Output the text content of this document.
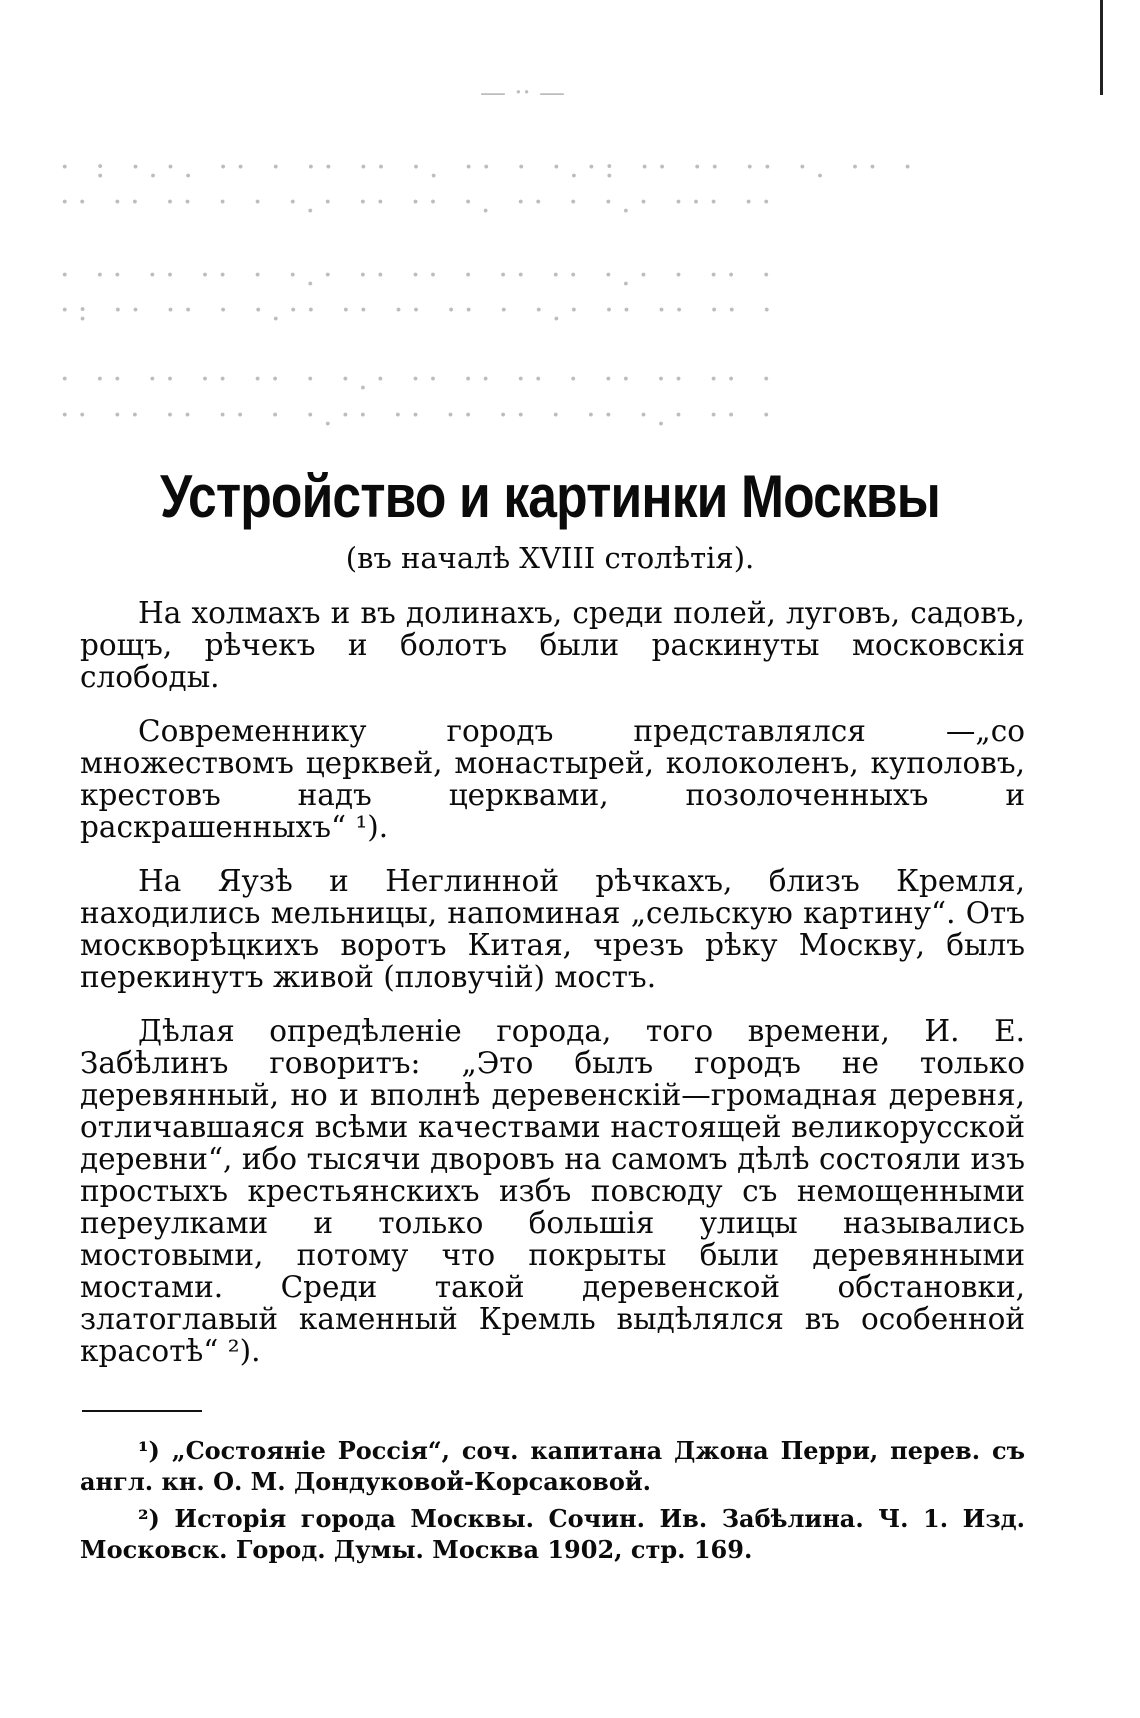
— ·· —
· : ·.·. ·· · ·· ·· ·. ·· · ·.·: ·· ·· ·· ·. ·· ·
·· ·· ·· · · ·.· ·· ·· ·. ·· · ·.· ··· ··
· ·· ·· ·· · ·.· ·· ·· · ·· ·· ·.· · ·· ·
·: ·· ·· · ·.·· ·· ·· ·· · ·.· ·· ·· ·· ·
· ·· ·· ·· ·· · ·.· ·· ·· ·· · ·· ·· ·· ·
·· ·· ·· ·· · ·.·· ·· ·· ·· · ·· ·.· ·· ·
Устройство и картинки Москвы
(въ началѣ XVIII столѣтія).

На холмахъ и въ долинахъ, среди полей, луговъ, садовъ, рощъ, рѣчекъ и болотъ были раскинуты московскія слободы.

Современнику городъ представлялся —„со множествомъ церквей, монастырей, колоколенъ, куполовъ, крестовъ надъ церквами, позолоченныхъ и раскрашенныхъ“ ¹).

На Яузѣ и Неглинной рѣчкахъ, близъ Кремля, находились мельницы, напоминая „сельскую картину“. Отъ москворѣцкихъ воротъ Китая, чрезъ рѣку Москву, былъ перекинутъ живой (пловучій) мостъ.

Дѣлая опредѣленіе города, того времени, И. Е. Забѣлинъ говоритъ: „Это былъ городъ не только деревянный, но и вполнѣ деревенскій—громадная деревня, отличавшаяся всѣми качествами настоящей великорусской деревни“, ибо тысячи дворовъ на самомъ дѣлѣ состояли изъ простыхъ крестьянскихъ избъ повсюду съ немощенными переулками и только большія улицы назывались мостовыми, потому что покрыты были деревянными мостами. Среди такой деревенской обстановки, златоглавый каменный Кремль выдѣлялся въ особенной красотѣ“ ²).

¹) „Состояніе Россія“, соч. капитана Джона Перри, перев. съ англ. кн. О. М. Дондуковой-Корсаковой.

²) Исторія города Москвы. Сочин. Ив. Забѣлина. Ч. 1. Изд. Московск. Город. Думы. Москва 1902, стр. 169.
